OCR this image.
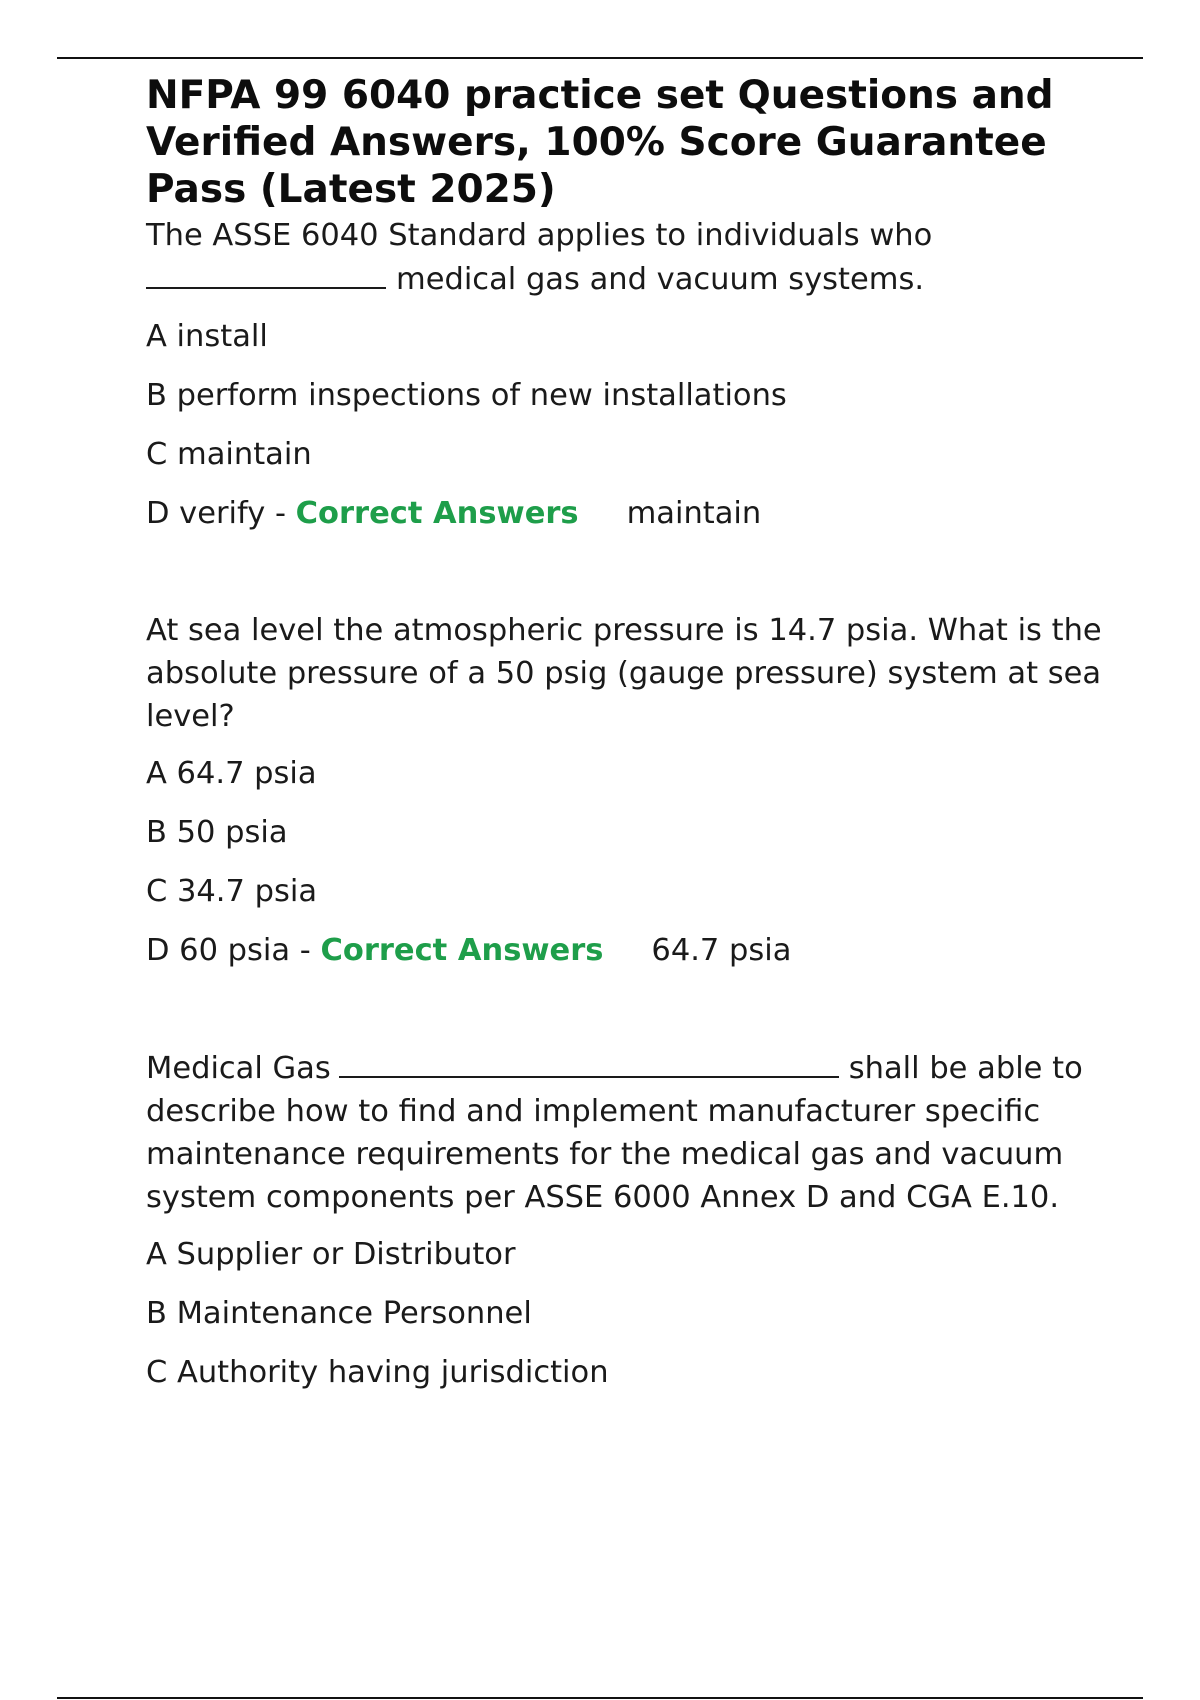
NFPA 99 6040 practice set Questions and Verified Answers, 100% Score Guarantee Pass (Latest 2025)

The ASSE 6040 Standard applies to individuals who
medical gas and vacuum systems.

A install
B perform inspections of new installations
C maintain
D verify - Correct Answers maintain

At sea level the atmospheric pressure is 14.7 psia. What is the absolute pressure of a 50 psig (gauge pressure) system at sea level?

A 64.7 psia
B 50 psia
C 34.7 psia
D 60 psia - Correct Answers 64.7 psia

Medical Gas	shall be able to describe how to find and implement manufacturer specific maintenance requirements for the medical gas and vacuum system components per ASSE 6000 Annex D and CGA E.10.

A Supplier or Distributor
B Maintenance Personnel
C Authority having jurisdiction
